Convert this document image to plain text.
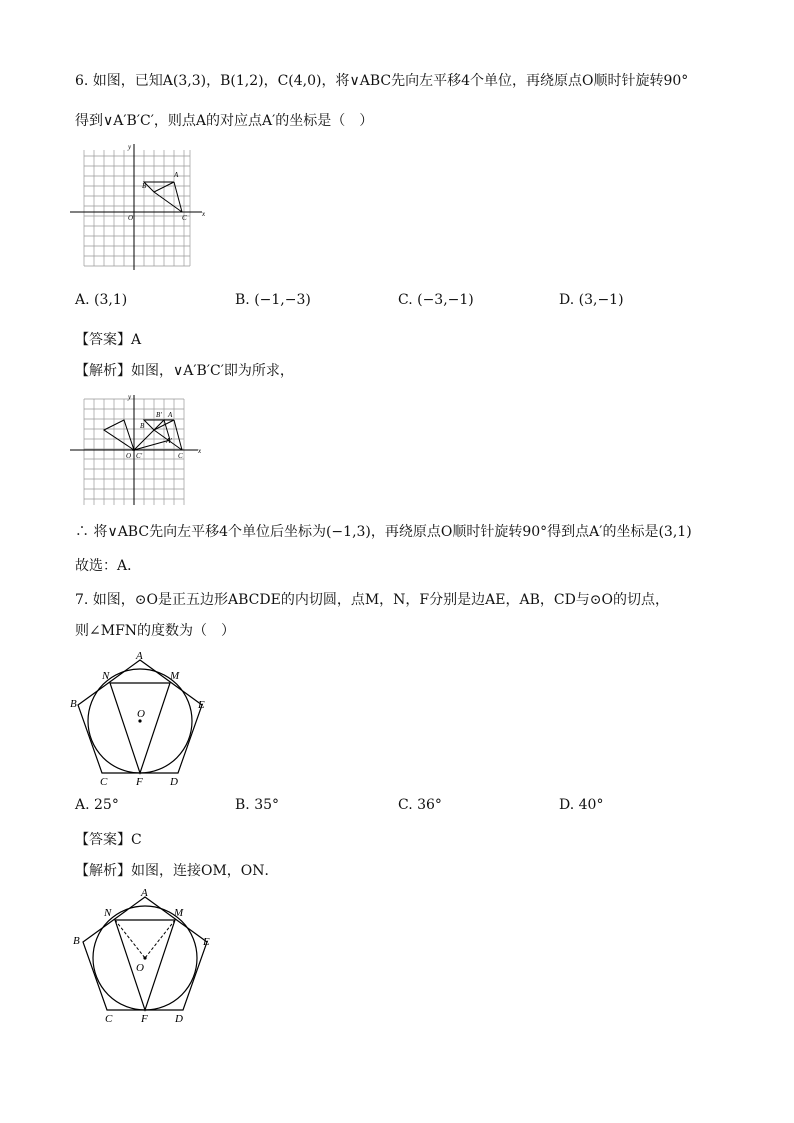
6. 如图，已知A(3,3)，B(1,2)，C(4,0)，将∨ABC先向左平移4个单位，再绕原点O顺时针旋转90°
得到∨A′B′C′，则点A的对应点A′的坐标是（　）
y
x
O
A
B
C
A. (3,1)	B. (−1,−3)	C. (−3,−1)	D. (3,−1)
【答案】A
【解析】如图，∨A′B′C′即为所求，
y
x
O C′
A
B
B′
A′
C
∴ 将∨ABC先向左平移4个单位后坐标为(−1,3)，再绕原点O顺时针旋转90°得到点A′的坐标是(3,1)
故选：A．
7. 如图，⊙O是正五边形ABCDE的内切圆，点M，N，F分别是边AE，AB，CD与⊙O的切点，
则∠MFN的度数为（　）
A
B
C	D
E
F
M
N
O
A. 25°	B. 35°	C. 36°	D. 40°
【答案】C
【解析】如图，连接OM，ON．
A
B
C	D
E
F
M
N
O
